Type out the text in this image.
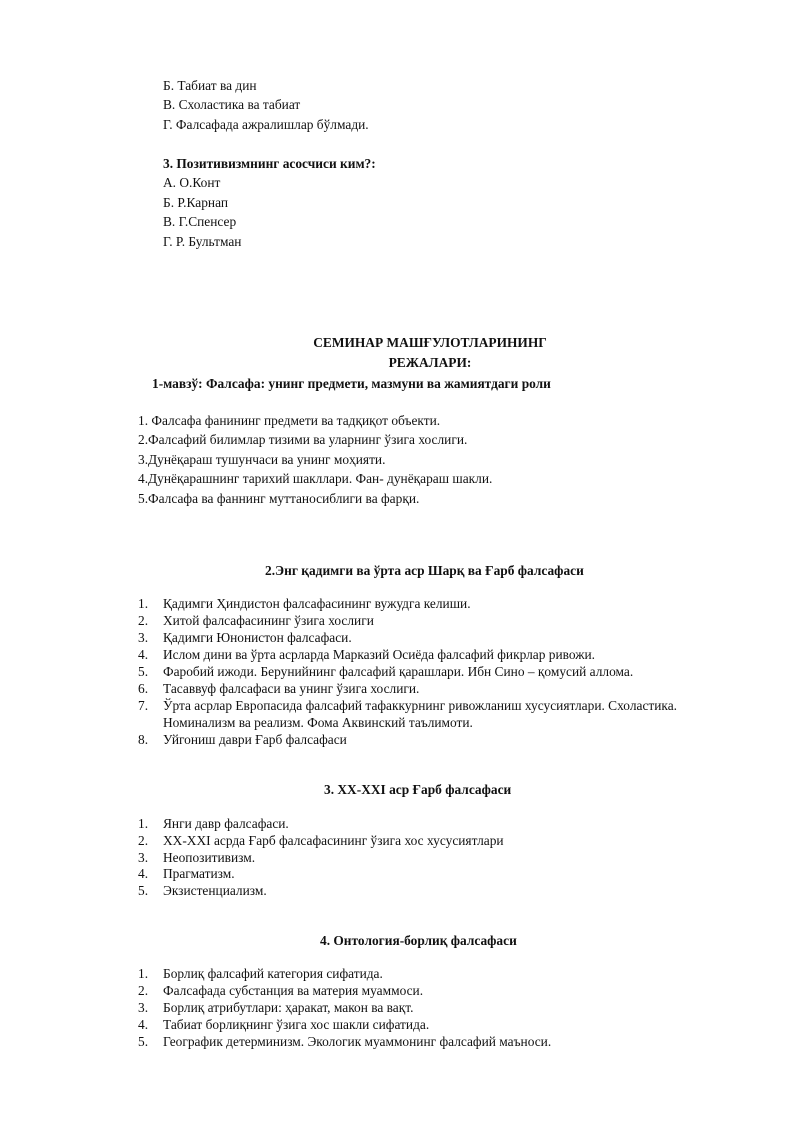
Б. Табиат ва дин
В. Схоластика ва табиат
Г. Фалсафада ажралишлар бўлмади.
3. Позитивизмнинг асосчиси ким?:
А. О.Конт
Б. Р.Карнап
В. Г.Спенсер
Г. Р. Бультман
СЕМИНАР МАШҒУЛОТЛАРИНИНГ
РЕЖАЛАРИ:
1-мавзў: Фалсафа: унинг предмети, мазмуни ва жамиятдаги роли
1. Фалсафа фанининг предмети ва тадқиқот объекти.
2.Фалсафий билимлар тизими ва уларнинг ўзига хослиги.
3.Дунёқараш тушунчаси ва унинг моҳияти.
4.Дунёқарашнинг тарихий шакллари. Фан- дунёқараш шакли.
5.Фалсафа ва фаннинг муттаносиблиги ва фарқи.
2.Энг қадимги ва ўрта аср Шарқ ва Ғарб фалсафаси
1. Қадимги Ҳиндистон фалсафасининг вужудга келиши.
2. Хитой фалсафасининг ўзига хослиги
3. Қадимги Юнонистон фалсафаси.
4. Ислом дини ва ўрта асрларда Марказий Осиёда фалсафий фикрлар ривожи.
5. Фаробий ижоди. Берунийнинг фалсафий қарашлари. Ибн Сино – қомусий аллома.
6. Тасаввуф фалсафаси ва унинг ўзига хослиги.
7. Ўрта асрлар Европасида фалсафий тафаккурнинг ривожланиш хусусиятлари. Схоластика.
Номинализм ва реализм. Фома Аквинский таълимоти.
8. Уйгониш даври Ғарб фалсафаси
3. XX-XXI аср Ғарб фалсафаси
1. Янги давр фалсафаси.
2. XX-XXI асрда Ғарб фалсафасининг ўзига хос хусусиятлари
3. Неопозитивизм.
4. Прагматизм.
5. Экзистенциализм.
4. Онтология-борлиқ фалсафаси
1. Борлиқ фалсафий категория сифатида.
2. Фалсафада субстанция ва материя муаммоси.
3. Борлиқ атрибутлари: ҳаракат, макон ва вақт.
4. Табиат борлиқнинг ўзига хос шакли сифатида.
5. Географик детерминизм. Экологик муаммонинг фалсафий маъноси.
